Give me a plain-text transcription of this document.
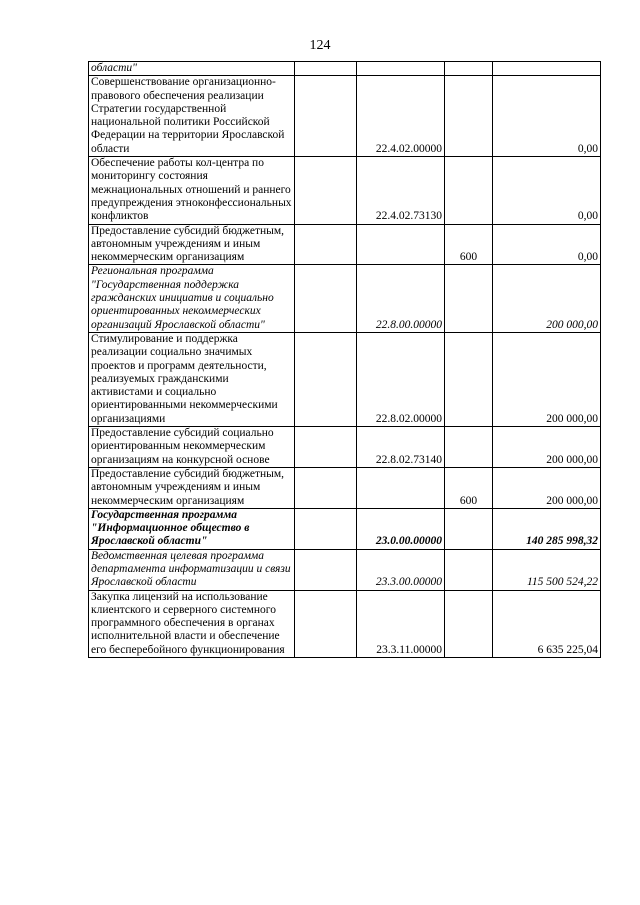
124
области"				
Совершенствование организационно-правового обеспечения реализации Стратегии государственной национальной политики Российской Федерации на территории Ярославской области		22.4.02.00000		0,00
Обеспечение работы кол-центра по мониторингу состояния межнациональных отношений и раннего предупреждения этноконфессиональных конфликтов		22.4.02.73130		0,00
Предоставление субсидий бюджетным, автономным учреждениям и иным некоммерческим организациям			600	0,00
Региональная программа "Государственная поддержка гражданских инициатив и социально ориентированных некоммерческих организаций Ярославской области"		22.8.00.00000		200 000,00
Стимулирование и поддержка реализации социально значимых проектов и программ деятельности, реализуемых гражданскими активистами и социально ориентированными некоммерческими организациями		22.8.02.00000		200 000,00
Предоставление субсидий социально ориентированным некоммерческим организациям на конкурсной основе		22.8.02.73140		200 000,00
Предоставление субсидий бюджетным, автономным учреждениям и иным некоммерческим организациям			600	200 000,00
Государственная программа "Информационное общество в Ярославской области"		23.0.00.00000		140 285 998,32
Ведомственная целевая программа департамента информатизации и связи Ярославской области		23.3.00.00000		115 500 524,22
Закупка лицензий на использование клиентского и серверного системного программного обеспечения в органах исполнительной власти и обеспечение его бесперебойного функционирования		23.3.11.00000		6 635 225,04
